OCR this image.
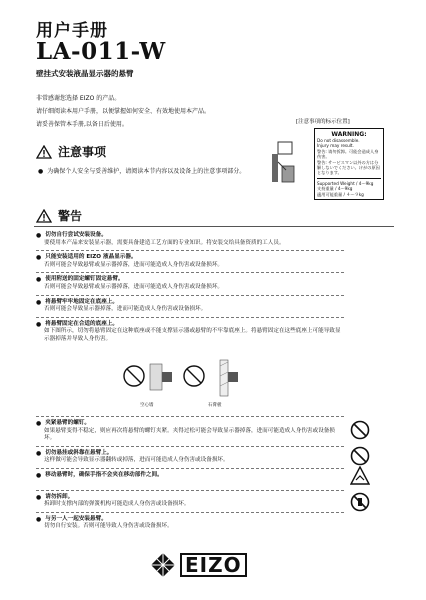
用户手册
LA-011-W
壁挂式安装液晶显示器的悬臂
非常感谢您选择 EIZO 的产品。
请仔细阅读本用户手册，以便掌握如何安全、有效地使用本产品。
请妥善保管本手册,以备日后使用。	[注意事项的标示位置]
注意事项
● 为确保个人安全与妥善维护，请阅读本节内容以及设备上的注意事项部分。
WARNING:
Do not disassemble.
Injury may result.
警告: 请勿拆卸。可能会造成人身伤害。
警告: サービスマン以外の方は分解しないでください。けがの原因となります。
Supported Weight / 4～9kg
支持重量 / 4～9kg
適用可能重量 / ４～９kg
警告
● 切勿自行尝试安装设备。
要使用本产品来安装显示器，需要具备建造工艺方面的专业知识。将安装交给具备资质的工人员。
● 只能安装适用的 EIZO 液晶显示器。
否则可能会导致悬臂或显示器掉落，进而可能造成人身伤害或设备损坏。
● 使用附送的固定螺钉固定悬臂。
否则可能会导致悬臂或显示器掉落，进而可能造成人身伤害或设备损坏。
● 将悬臂牢牢地固定在底座上。
否则可能会导致显示器掉落，进而可能造成人身伤害或设备损坏。
● 将悬臂固定在合适的底座上。
如下图所示，切勿将悬臂固定在这种底座或不能支撑显示器或悬臂的不牢靠底座上。将悬臂固定在这些底座上可能导致显示器掉落并导致人身伤害。
空心墙	石膏板
● 夹紧悬臂的螺钉。
如果悬臂变得不稳定，则应再次将悬臂的螺钉夹紧。夹得过松可能会导致显示器掉落，进而可能造成人身伤害或设备损坏。
● 切勿悬挂或斜靠在悬臂上。
这样做可能会导致显示器翻转或掉落，进而可能造成人身伤害或设备损坏。
● 移动悬臂时，确保手指不会夹在移动部件之间。
● 请勿拆卸。
拆卸时支撑内部的弹簧机构可能造成人身伤害或设备损坏。
● 与另一人一起安装悬臂。
切勿自行安装。否则可能导致人身伤害或设备损坏。
EIZO
